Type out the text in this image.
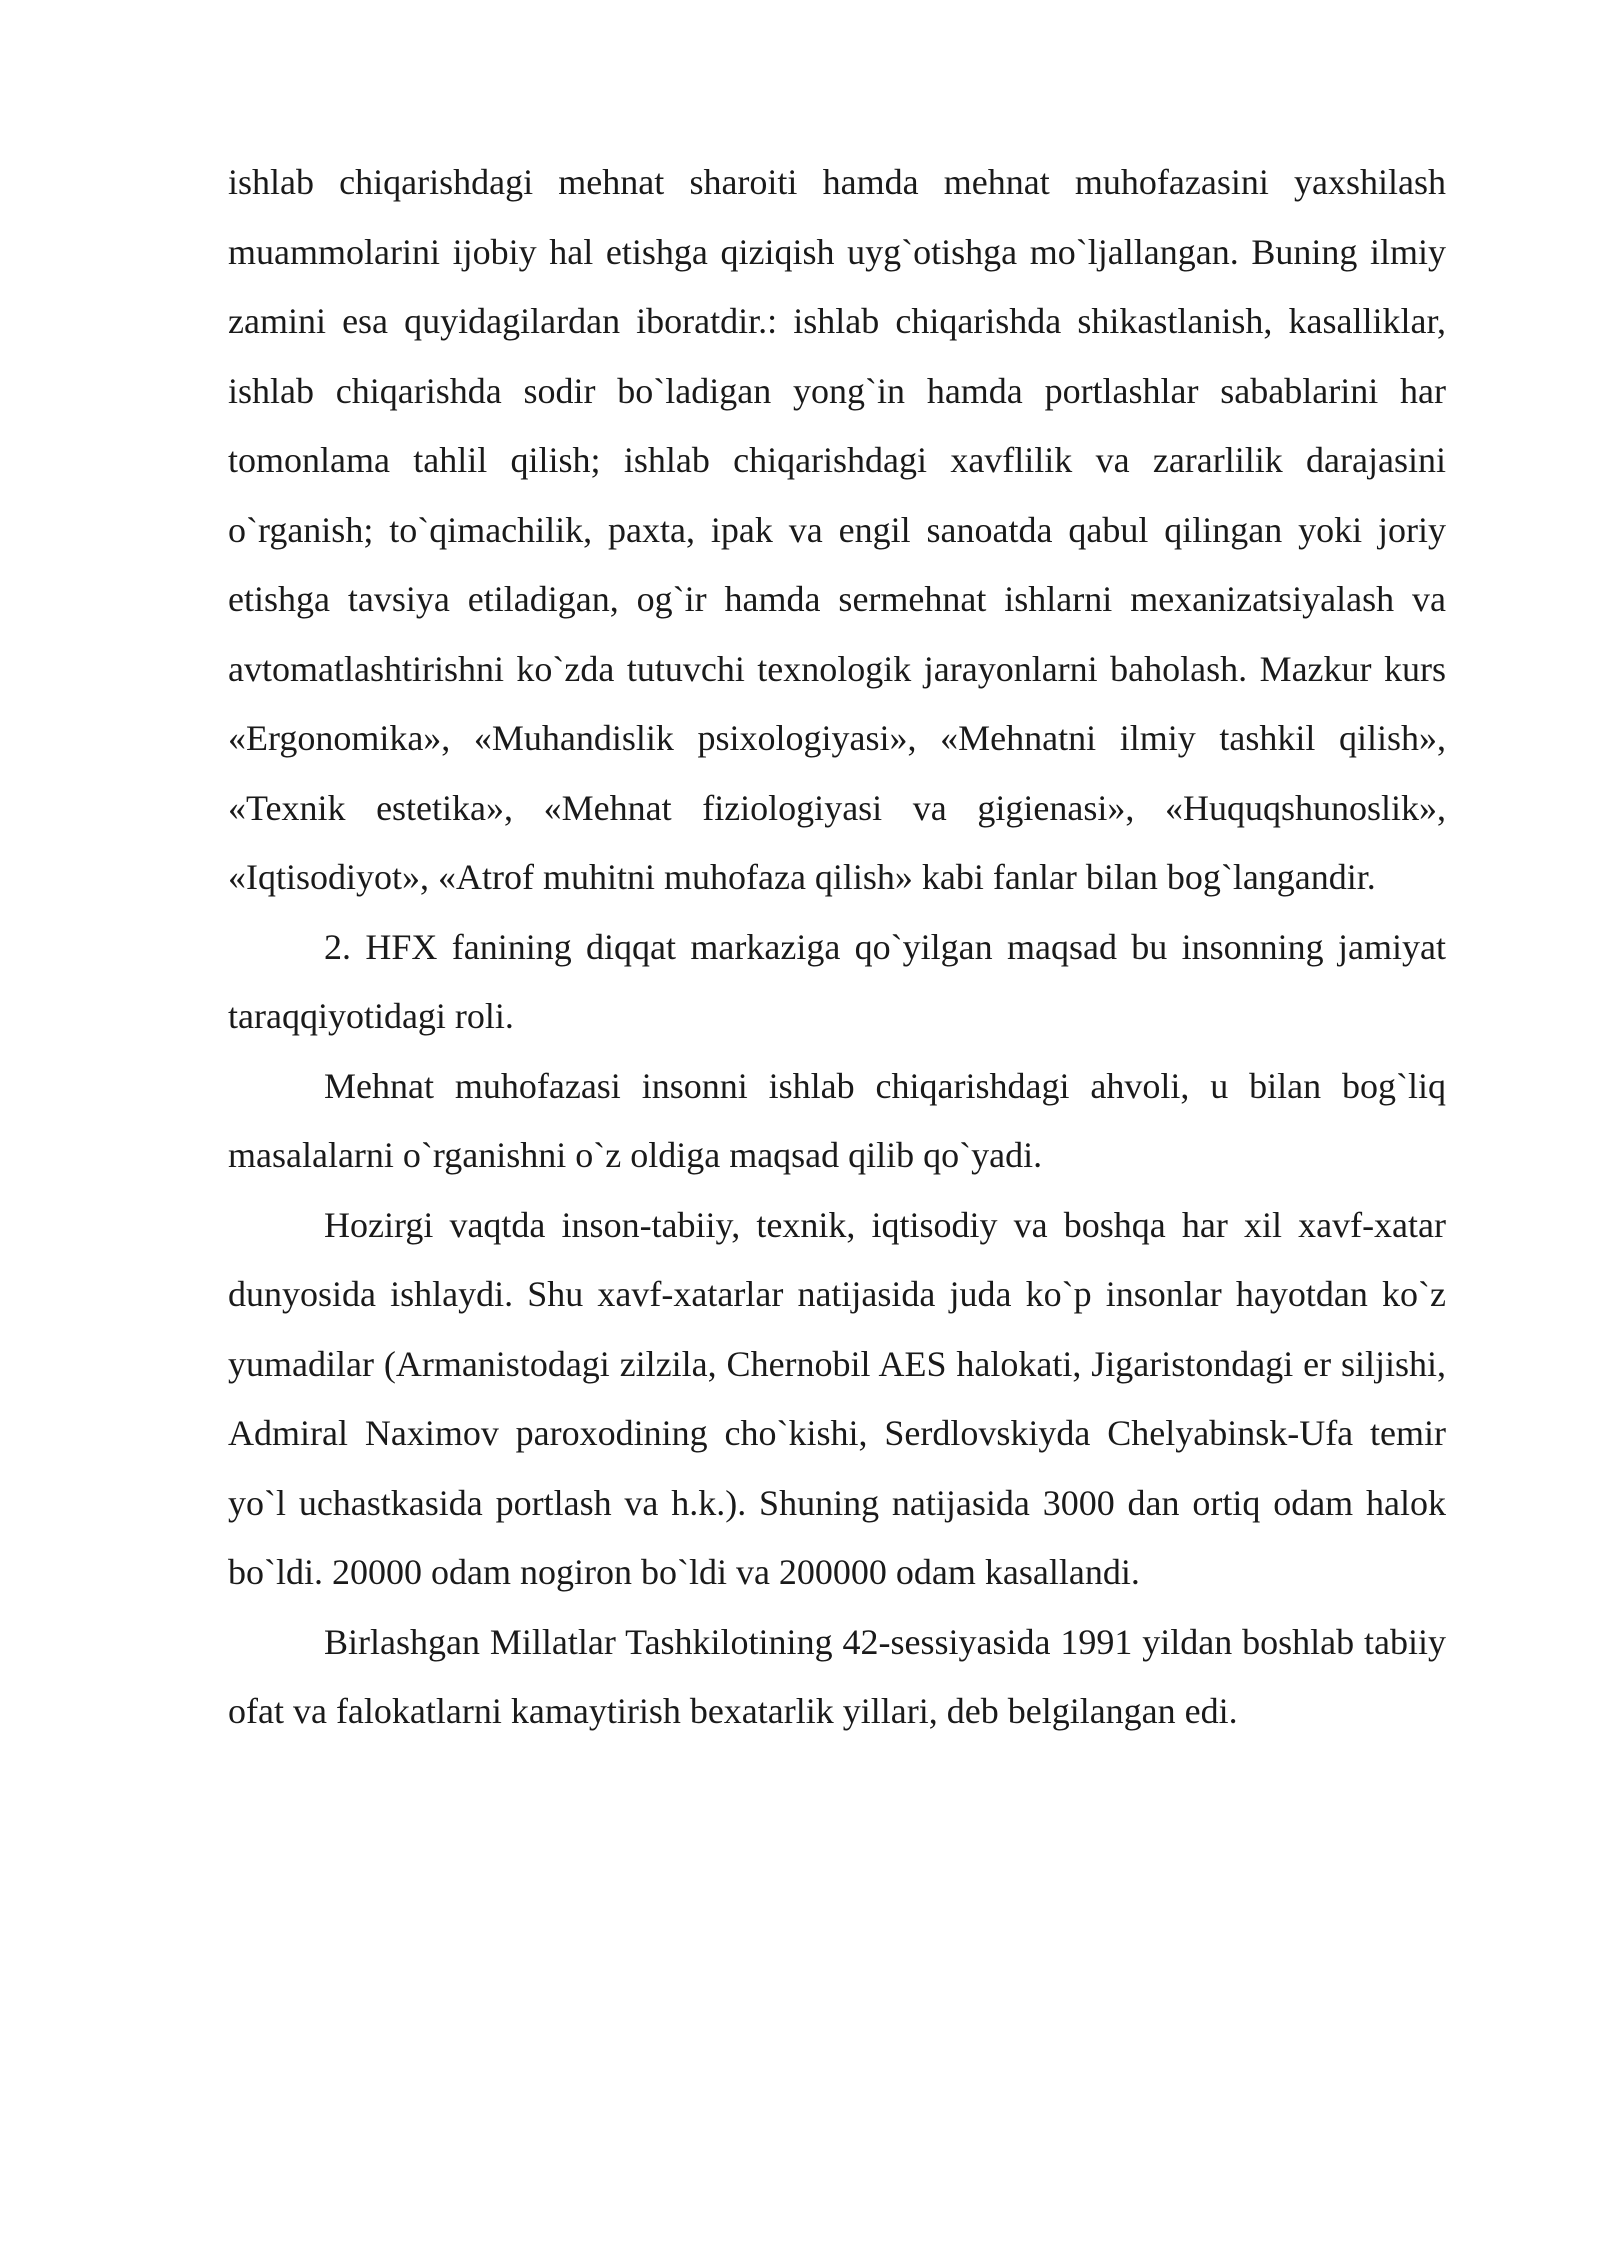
ishlab chiqarishdagi mehnat sharoiti hamda mehnat muhofazasini yaxshilash muammolarini ijobiy hal etishga qiziqish uyg`otishga mo`ljallangan. Buning ilmiy zamini esa quyidagilardan iboratdir.: ishlab chiqarishda shikastlanish, kasalliklar, ishlab chiqarishda sodir bo`ladigan yong`in hamda portlashlar sabablarini har tomonlama tahlil qilish; ishlab chiqarishdagi xavflilik va zararlilik darajasini o`rganish; to`qimachilik, paxta, ipak va engil sanoatda qabul qilingan yoki joriy etishga tavsiya etiladigan, og`ir hamda sermehnat ishlarni mexanizatsiyalash va avtomatlashtirishni ko`zda tutuvchi texnologik jarayonlarni baholash. Mazkur kurs «Ergonomika», «Muhandislik psixologiyasi», «Mehnatni ilmiy tashkil qilish», «Texnik estetika», «Mehnat fiziologiyasi va gigienasi», «Huquqshunoslik», «Iqtisodiyot», «Atrof muhitni muhofaza qilish» kabi fanlar bilan bog`langandir.

2. HFX fanining diqqat markaziga qo`yilgan maqsad bu insonning jamiyat taraqqiyotidagi roli.

Mehnat muhofazasi insonni ishlab chiqarishdagi ahvoli, u bilan bog`liq masalalarni o`rganishni o`z oldiga maqsad qilib qo`yadi.

Hozirgi vaqtda inson-tabiiy, texnik, iqtisodiy va boshqa har xil xavf-xatar dunyosida ishlaydi. Shu xavf-xatarlar natijasida juda ko`p insonlar hayotdan ko`z yumadilar (Armanistodagi zilzila, Chernobil AES halokati, Jigaristondagi er siljishi, Admiral Naximov paroxodining cho`kishi, Serdlovskiyda Chelyabinsk-Ufa temir yo`l uchastkasida portlash va h.k.). Shuning natijasida 3000 dan ortiq odam halok bo`ldi. 20000 odam nogiron bo`ldi va 200000 odam kasallandi.

Birlashgan Millatlar Tashkilotining 42-sessiyasida 1991 yildan boshlab tabiiy ofat va falokatlarni kamaytirish bexatarlik yillari, deb belgilangan edi.
